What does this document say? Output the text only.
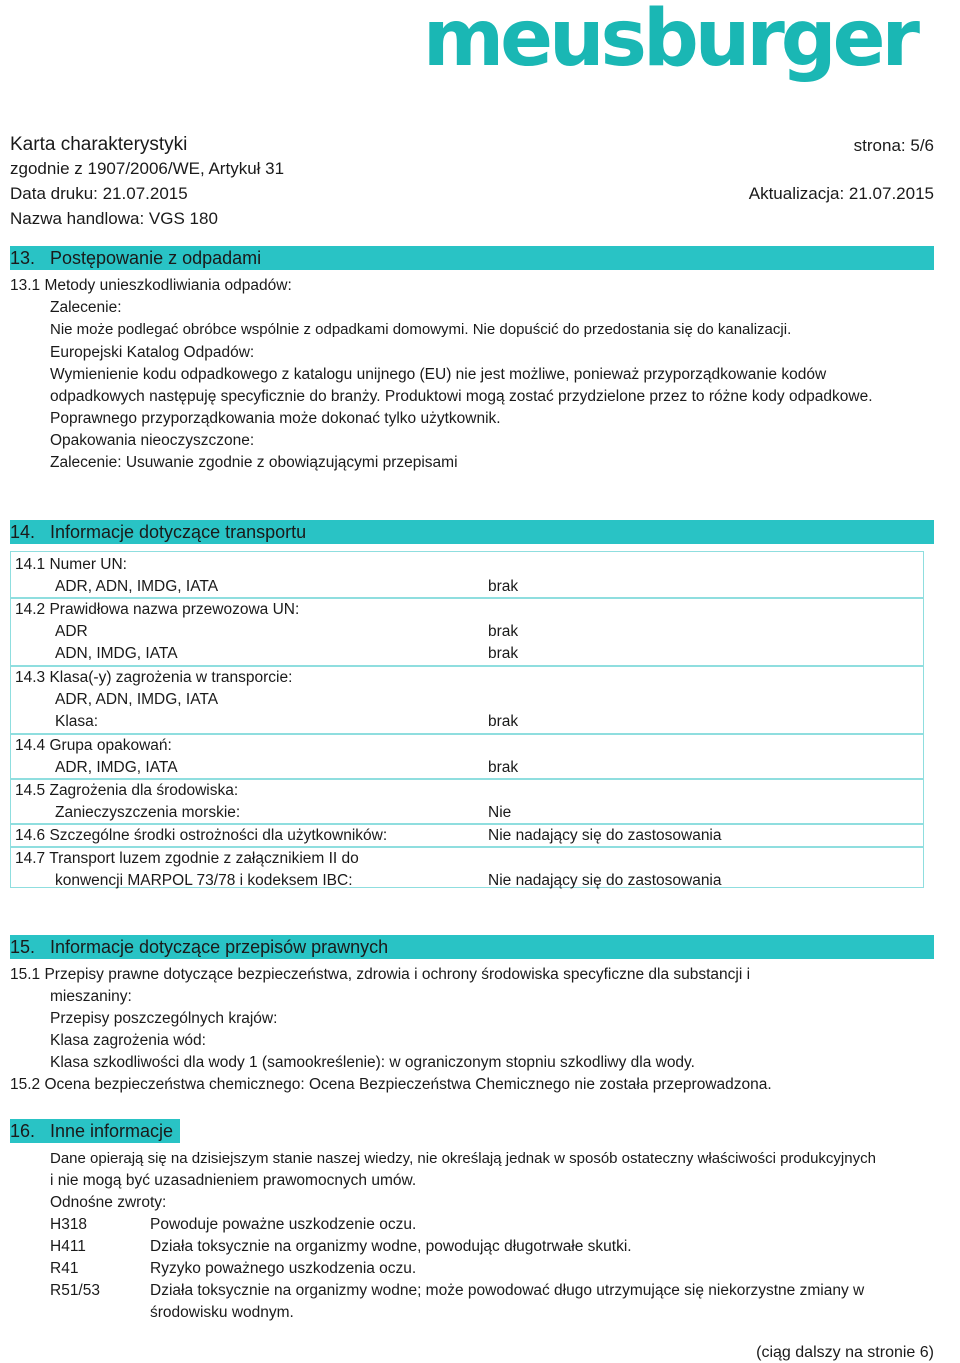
meusburger
Karta charakterystyki	strona: 5/6
zgodnie z 1907/2006/WE, Artykuł 31
Data druku: 21.07.2015	Aktualizacja: 21.07.2015
Nazwa handlowa: VGS 180
13. Postępowanie z odpadami
13.1 Metody unieszkodliwiania odpadów:
Zalecenie:
Nie może podlegać obróbce wspólnie z odpadkami domowymi. Nie dopuścić do przedostania się do kanalizacji.
Europejski Katalog Odpadów:
Wymienienie kodu odpadkowego z katalogu unijnego (EU) nie jest możliwe, ponieważ przyporządkowanie kodów
odpadkowych następuję specyficznie do branży. Produktowi mogą zostać przydzielone przez to różne kody odpadkowe.
Poprawnego przyporządkowania może dokonać tylko użytkownik.
Opakowania nieoczyszczone:
Zalecenie: Usuwanie zgodnie z obowiązującymi przepisami
14. Informacje dotyczące transportu
14.1 Numer UN:
ADR, ADN, IMDG, IATA	brak
14.2 Prawidłowa nazwa przewozowa UN:
ADR	brak
ADN, IMDG, IATA	brak
14.3 Klasa(-y) zagrożenia w transporcie:
ADR, ADN, IMDG, IATA
Klasa:	brak
14.4 Grupa opakowań:
ADR, IMDG, IATA	brak
14.5 Zagrożenia dla środowiska:
Zanieczyszczenia morskie:	Nie
14.6 Szczególne środki ostrożności dla użytkowników:	Nie nadający się do zastosowania
14.7 Transport luzem zgodnie z załącznikiem II do
konwencji MARPOL 73/78 i kodeksem IBC:	Nie nadający się do zastosowania
15. Informacje dotyczące przepisów prawnych
15.1 Przepisy prawne dotyczące bezpieczeństwa, zdrowia i ochrony środowiska specyficzne dla substancji i
mieszaniny:
Przepisy poszczególnych krajów:
Klasa zagrożenia wód:
Klasa szkodliwości dla wody 1 (samookreślenie): w ograniczonym stopniu szkodliwy dla wody.
15.2 Ocena bezpieczeństwa chemicznego: Ocena Bezpieczeństwa Chemicznego nie została przeprowadzona.
16. Inne informacje
Dane opierają się na dzisiejszym stanie naszej wiedzy, nie określają jednak w sposób ostateczny właściwości produkcyjnych
i nie mogą być uzasadnieniem prawomocnych umów.
Odnośne zwroty:
H318	Powoduje poważne uszkodzenie oczu.
H411	Działa toksycznie na organizmy wodne, powodując długotrwałe skutki.
R41	Ryzyko poważnego uszkodzenia oczu.
R51/53	Działa toksycznie na organizmy wodne; może powodować długo utrzymujące się niekorzystne zmiany w
środowisku wodnym.
(ciąg dalszy na stronie 6)
